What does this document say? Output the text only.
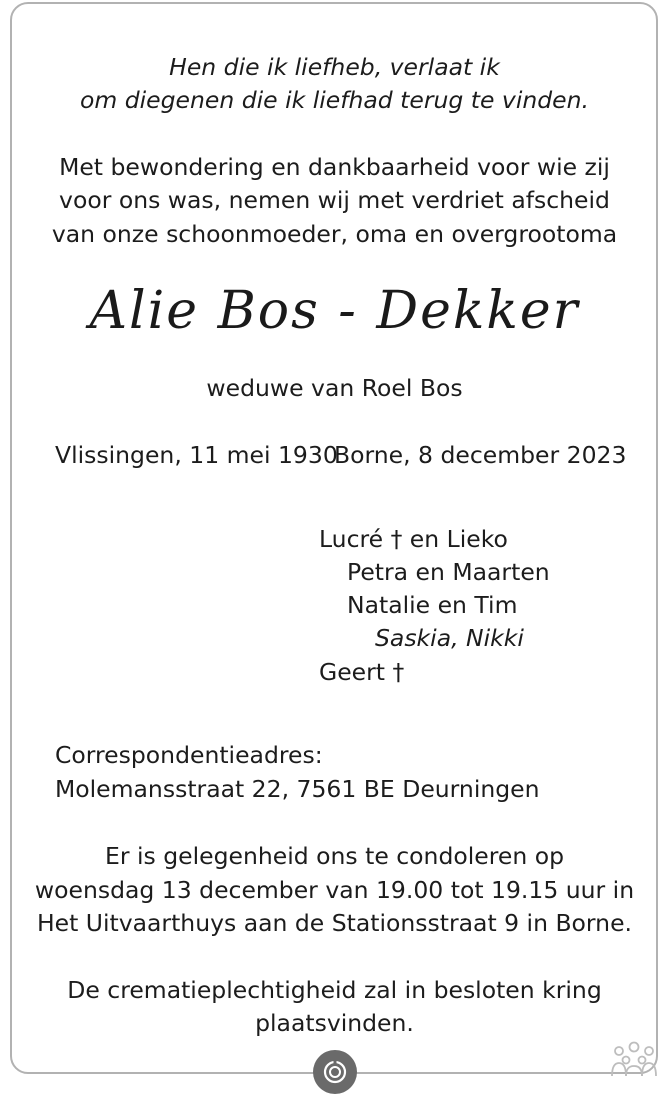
Hen die ik liefheb, verlaat ik
om diegenen die ik liefhad terug te vinden.
Met bewondering en dankbaarheid voor wie zij
voor ons was, nemen wij met verdriet afscheid
van onze schoonmoeder, oma en overgrootoma
Alie Bos - Dekker
weduwe van Roel Bos
Vlissingen, 11 mei 1930
Borne, 8 december 2023
Lucré † en Lieko
Petra en Maarten
Natalie en Tim
Saskia, Nikki
Geert †
Correspondentieadres:
Molemansstraat 22, 7561 BE Deurningen
Er is gelegenheid ons te condoleren op
woensdag 13 december van 19.00 tot 19.15 uur in
Het Uitvaarthuys aan de Stationsstraat 9 in Borne.
De crematieplechtigheid zal in besloten kring
plaatsvinden.
